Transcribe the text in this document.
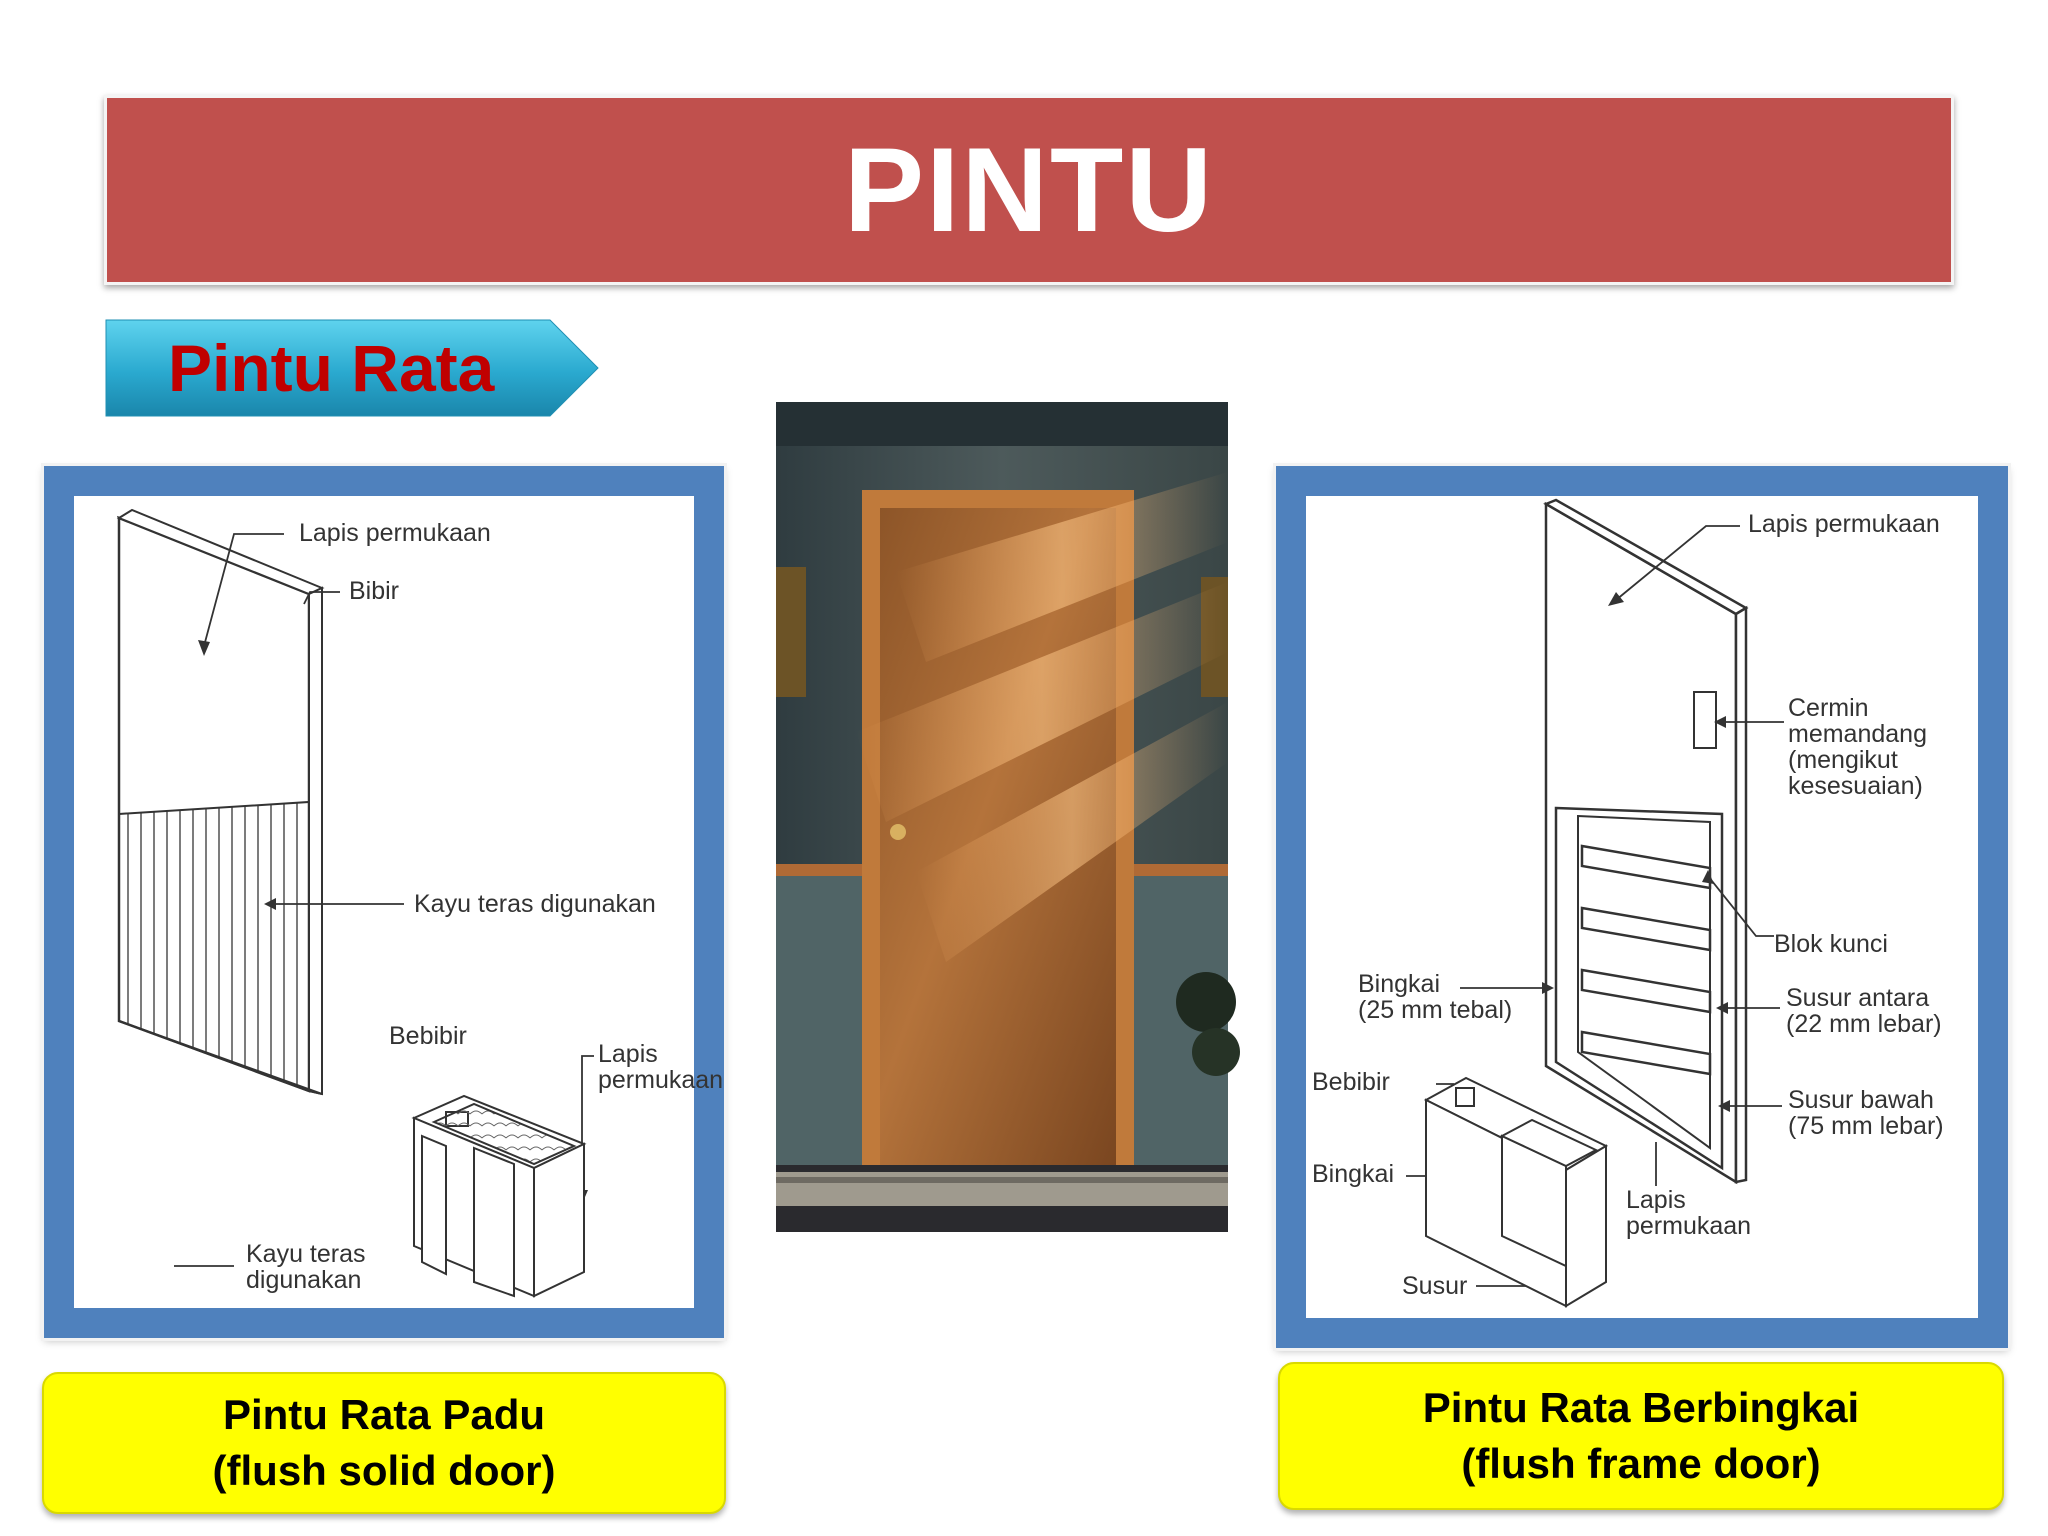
PINTU
Pintu Rata
Lapis permukaan
Bibir
Kayu teras digunakan
Bebibir
Lapis
permukaan
Kayu teras
digunakan
Lapis permukaan
Cermin
memandang
(mengikut
kesesuaian)
Blok kunci
Bingkai
(25 mm tebal)	Susur antara
(22 mm lebar)
Bebibir
Susur bawah
(75 mm lebar)
Bingkai
Lapis
permukaan
Susur
Pintu Rata Padu
(flush solid door)
Pintu Rata Berbingkai
(flush frame door)
